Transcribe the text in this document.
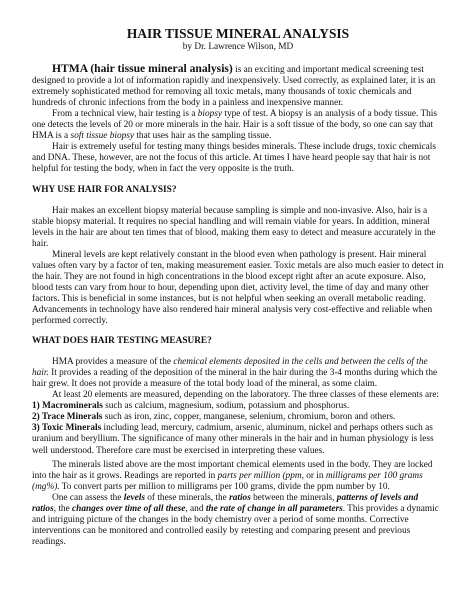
HAIR TISSUE MINERAL ANALYSIS
by Dr. Lawrence Wilson, MD

HTMA (hair tissue mineral analysis) is an exciting and important medical screening test designed to provide a lot of information rapidly and inexpensively. Used correctly, as explained later, it is an extremely sophisticated method for removing all toxic metals, many thousands of toxic chemicals and hundreds of chronic infections from the body in a painless and inexpensive manner.

From a technical view, hair testing is a biopsy type of test. A biopsy is an analysis of a body tissue. This one detects the levels of 20 or more minerals in the hair. Hair is a soft tissue of the body, so one can say that HMA is a soft tissue biopsy that uses hair as the sampling tissue.

Hair is extremely useful for testing many things besides minerals. These include drugs, toxic chemicals and DNA. These, however, are not the focus of this article. At times I have heard people say that hair is not helpful for testing the body, when in fact the very opposite is the truth.

WHY USE HAIR FOR ANALYSIS?

Hair makes an excellent biopsy material because sampling is simple and non-invasive. Also, hair is a stable biopsy material. It requires no special handling and will remain viable for years. In addition, mineral levels in the hair are about ten times that of blood, making them easy to detect and measure accurately in the hair.

Mineral levels are kept relatively constant in the blood even when pathology is present. Hair mineral values often vary by a factor of ten, making measurement easier. Toxic metals are also much easier to detect in the hair. They are not found in high concentrations in the blood except right after an acute exposure. Also, blood tests can vary from hour to hour, depending upon diet, activity level, the time of day and many other factors. This is beneficial in some instances, but is not helpful when seeking an overall metabolic reading. Advancements in technology have also rendered hair mineral analysis very cost-effective and reliable when performed correctly.

WHAT DOES HAIR TESTING MEASURE?

HMA provides a measure of the chemical elements deposited in the cells and between the cells of the hair. It provides a reading of the deposition of the mineral in the hair during the 3-4 months during which the hair grew. It does not provide a measure of the total body load of the mineral, as some claim.

At least 20 elements are measured, depending on the laboratory. The three classes of these elements are:

1) Macrominerals such as calcium, magnesium, sodium, potassium and phosphorus.

2) Trace Minerals such as iron, zinc, copper, manganese, selenium, chromium, boron and others.

3) Toxic Minerals including lead, mercury, cadmium, arsenic, aluminum, nickel and perhaps others such as uranium and beryllium. The significance of many other minerals in the hair and in human physiology is less well understood. Therefore care must be exercised in interpreting these values.

The minerals listed above are the most important chemical elements used in the body. They are locked into the hair as it grows. Readings are reported in parts per million (ppm, or in milligrams per 100 grams (mg%). To convert parts per million to milligrams per 100 grams, divide the ppm number by 10.

One can assess the levels of these minerals, the ratios between the minerals, patterns of levels and ratios, the changes over time of all these, and the rate of change in all parameters. This provides a dynamic and intriguing picture of the changes in the body chemistry over a period of some months. Corrective interventions can be monitored and controlled easily by retesting and comparing present and previous readings.
